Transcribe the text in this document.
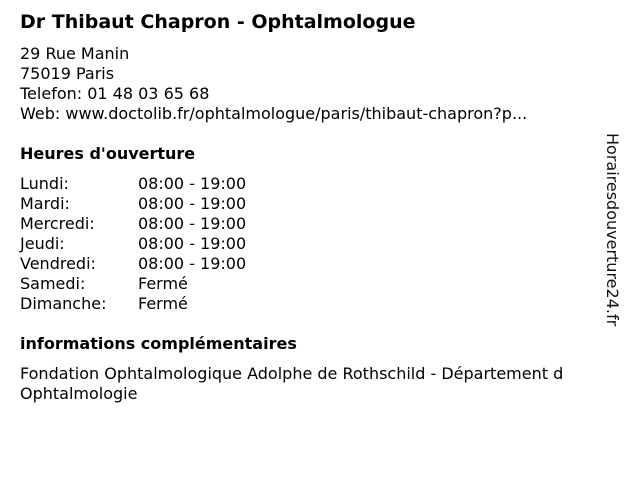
Dr Thibaut Chapron - Ophtalmologue
29 Rue Manin
75019 Paris
Telefon: 01 48 03 65 68
Web: www.doctolib.fr/ophtalmologue/paris/thibaut-chapron?p...
Heures d'ouverture
Lundi:	08:00 - 19:00
Mardi:	08:00 - 19:00
Mercredi:	08:00 - 19:00
Jeudi:	08:00 - 19:00
Vendredi:	08:00 - 19:00
Samedi:	Fermé
Dimanche: Fermé
informations complémentaires
Fondation Ophtalmologique Adolphe de Rothschild - Département d Ophtalmologie
Horairesdouverture24.fr
